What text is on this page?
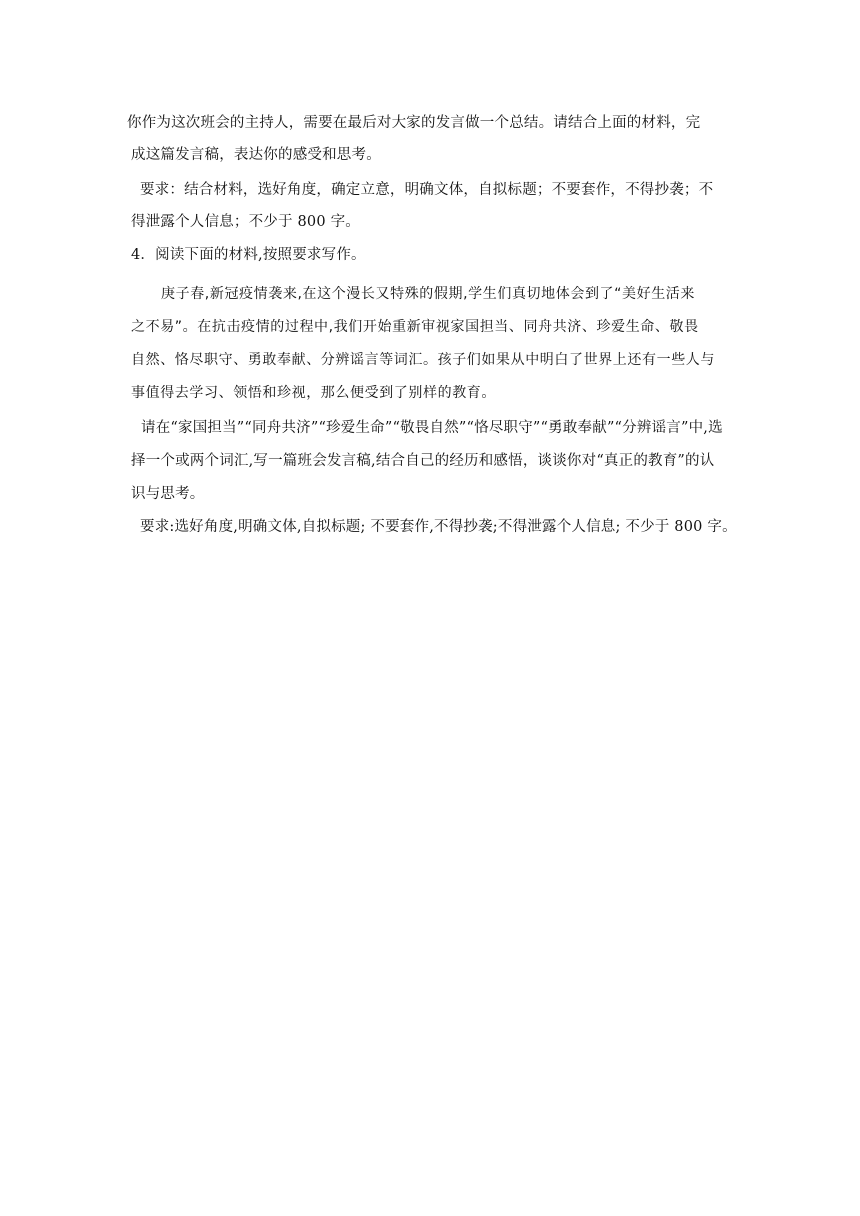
你作为这次班会的主持人，需要在最后对大家的发言做一个总结。请结合上面的材料，完
成这篇发言稿，表达你的感受和思考。
要求：结合材料，选好角度，确定立意，明确文体，自拟标题；不要套作，不得抄袭；不
得泄露个人信息；不少于 800 字。
4．阅读下面的材料,按照要求写作。
庚子春,新冠疫情袭来,在这个漫长又特殊的假期,学生们真切地体会到了“美好生活来
之不易”。在抗击疫情的过程中,我们开始重新审视家国担当、同舟共济、珍爱生命、敬畏
自然、恪尽职守、勇敢奉献、分辨谣言等词汇。孩子们如果从中明白了世界上还有一些人与
事值得去学习、领悟和珍视，那么便受到了别样的教育。
请在“家国担当”“同舟共济”“珍爱生命”“敬畏自然”“恪尽职守”“勇敢奉献”“分辨谣言”中,选
择一个或两个词汇,写一篇班会发言稿,结合自己的经历和感悟，谈谈你对“真正的教育”的认
识与思考。
要求:选好角度,明确文体,自拟标题; 不要套作,不得抄袭;不得泄露个人信息; 不少于 800 字。
